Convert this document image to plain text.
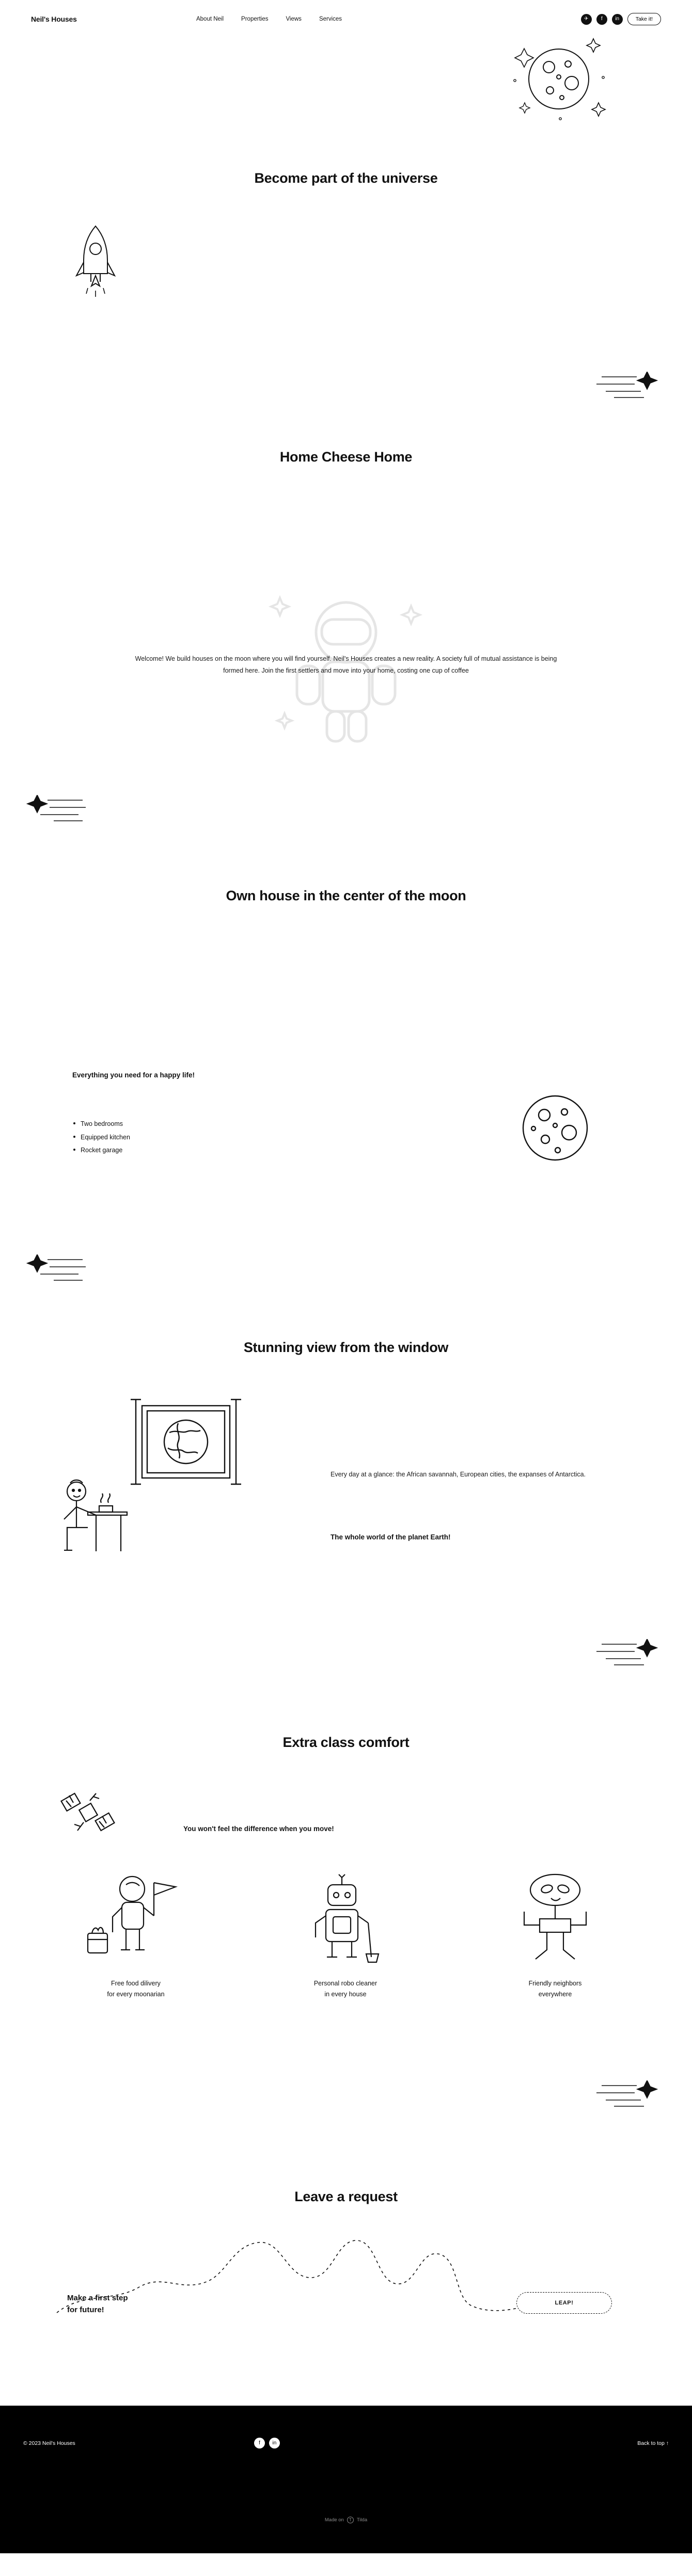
Neil's Houses	About Neil	Properties	Views	Services	✈	f	in	Take it!
Become part of the universe
Home Cheese Home
Welcome! We build houses on the moon where you will find yourself. Neil's Houses creates a new reality. A society full of mutual assistance is being formed here. Join the first settlers and move into your home, costing one cup of coffee
Own house in the center of the moon
Everything you need for a happy life!
Two bedrooms
Equipped kitchen
Rocket garage
Stunning view from the window
Every day at a glance: the African savannah, European cities, the expanses of Antarctica.
The whole world of the planet Earth!
Extra class comfort
You won't feel the difference when you move!
Free food dilivery
for every moonarian
Personal robo cleaner
in every house
Friendly neighbors
everywhere
Leave a request
Make a first step
for future!
LEAP!
© 2023 Neil's Houses	f	in	Back to top ↑
Made on	T	Tilda
